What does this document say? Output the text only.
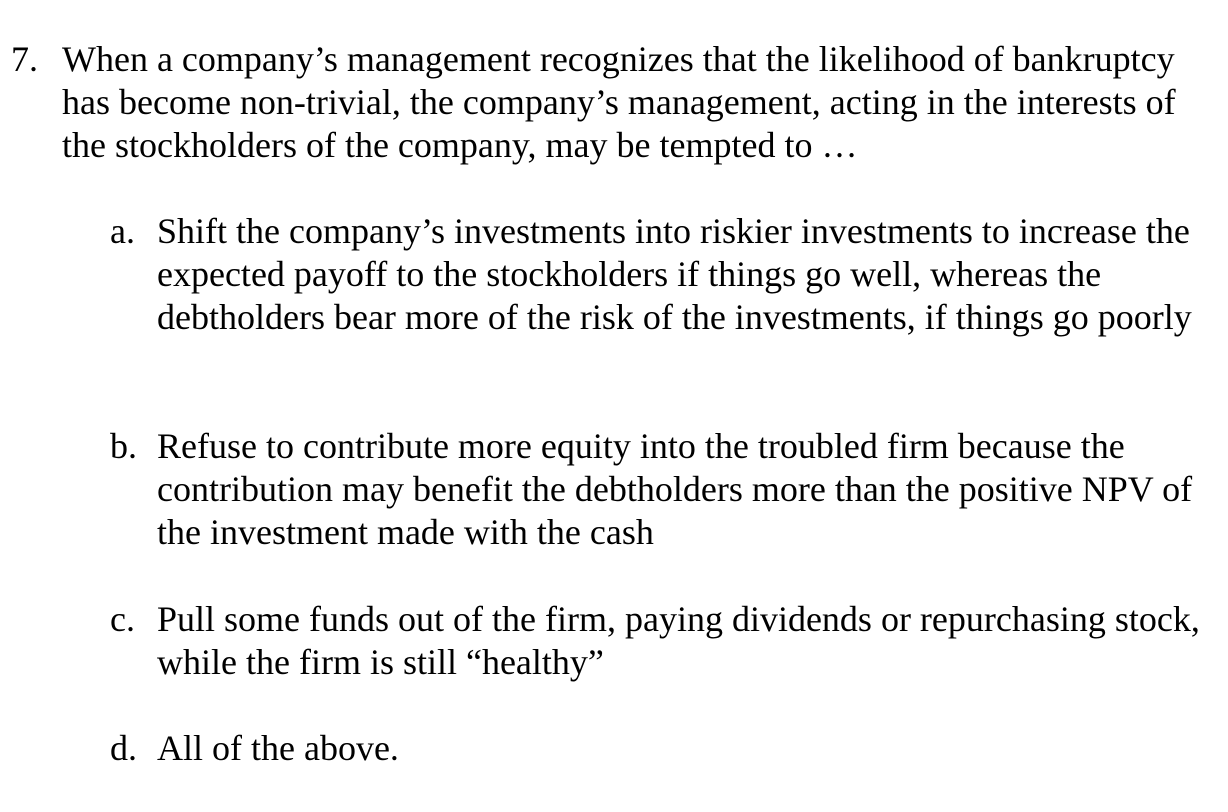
7. When a company’s management recognizes that the likelihood of bankruptcy has become non-trivial, the company’s management, acting in the interests of the stockholders of the company, may be tempted to …
a. Shift the company’s investments into riskier investments to increase the expected payoff to the stockholders if things go well, whereas the debtholders bear more of the risk of the investments, if things go poorly
b. Refuse to contribute more equity into the troubled firm because the contribution may benefit the debtholders more than the positive NPV of the investment made with the cash
c. Pull some funds out of the firm, paying dividends or repurchasing stock, while the firm is still “healthy”
d. All of the above.
